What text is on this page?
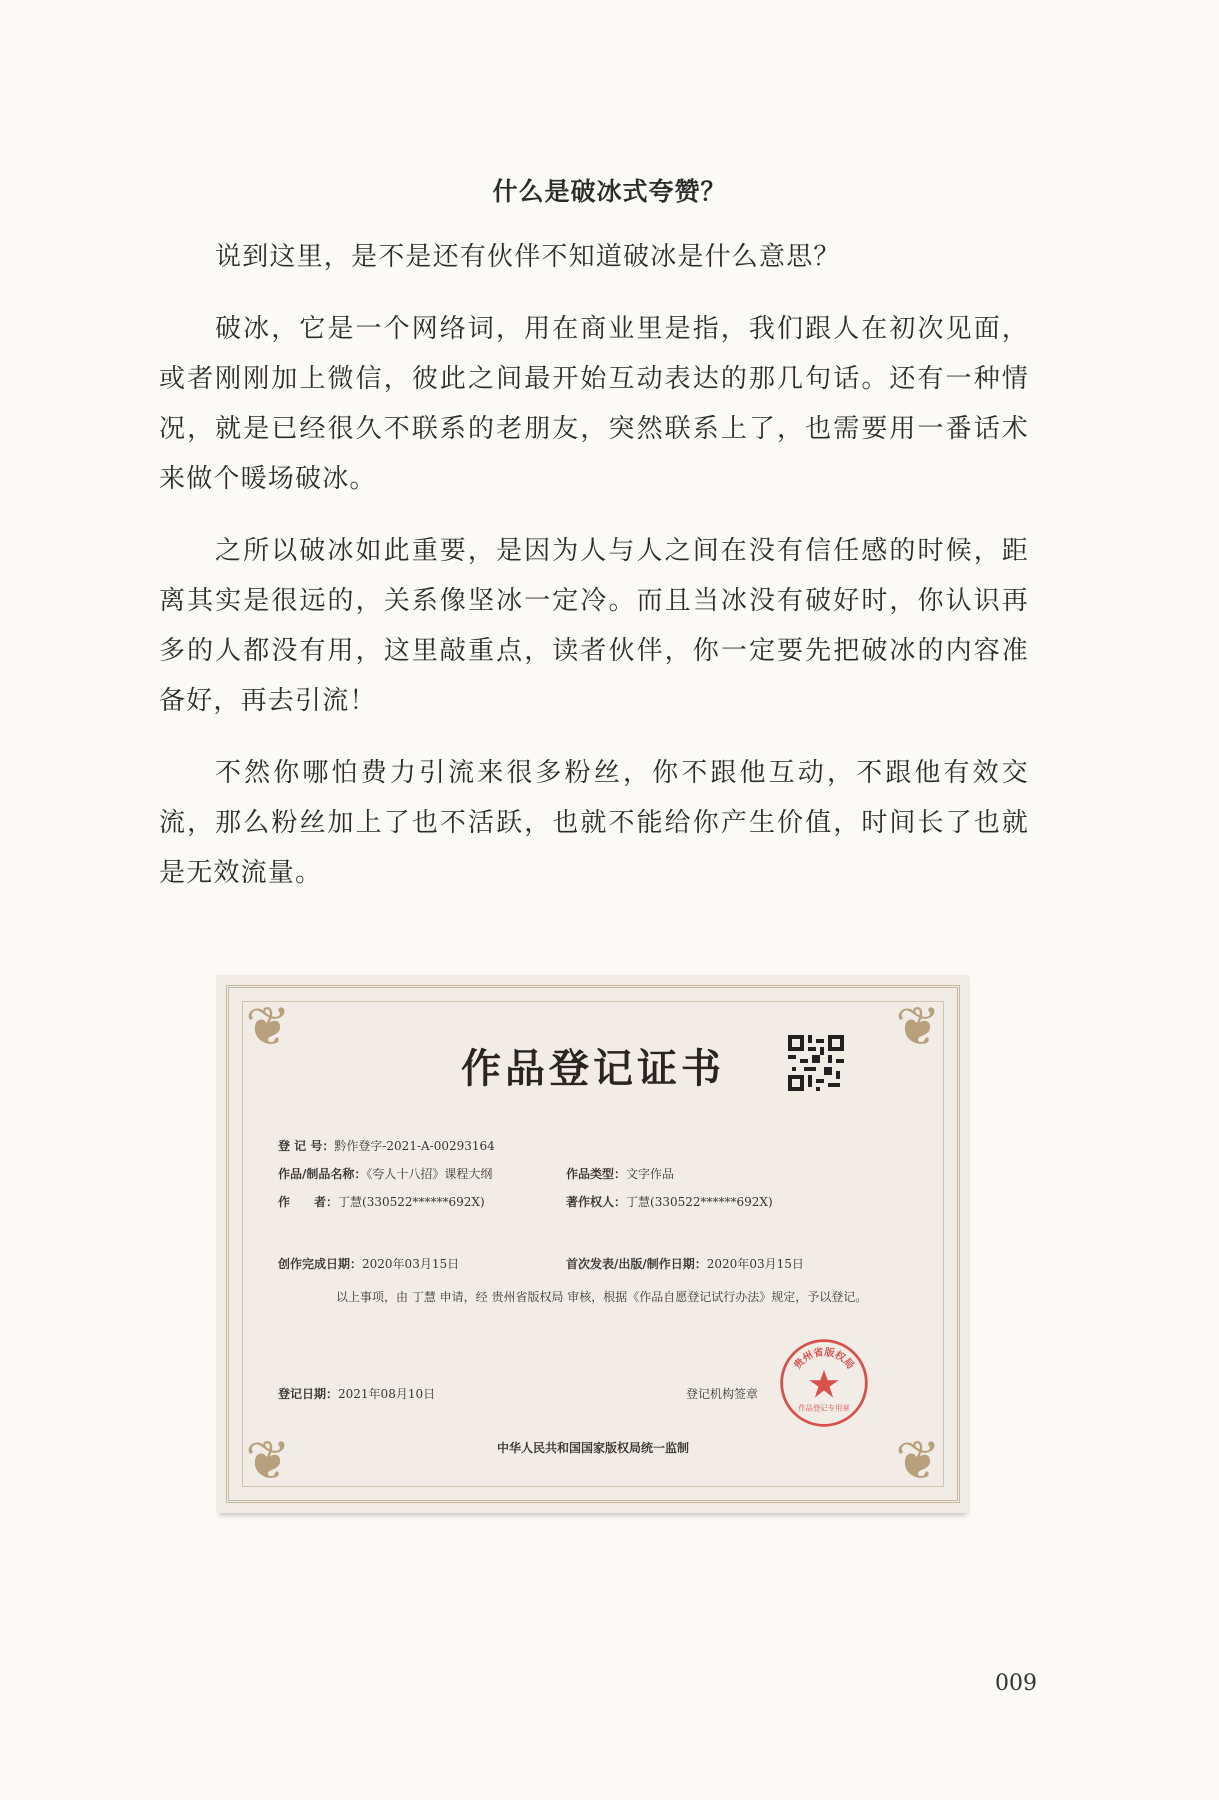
什么是破冰式夸赞？

说到这里，是不是还有伙伴不知道破冰是什么意思？

破冰，它是一个网络词，用在商业里是指，我们跟人在初次见面，或者刚刚加上微信，彼此之间最开始互动表达的那几句话。还有一种情况，就是已经很久不联系的老朋友，突然联系上了，也需要用一番话术来做个暖场破冰。

之所以破冰如此重要，是因为人与人之间在没有信任感的时候，距离其实是很远的，关系像坚冰一定冷。而且当冰没有破好时，你认识再多的人都没有用，这里敲重点，读者伙伴，你一定要先把破冰的内容准备好，再去引流！

不然你哪怕费力引流来很多粉丝，你不跟他互动，不跟他有效交流，那么粉丝加上了也不活跃，也就不能给你产生价值，时间长了也就是无效流量。

❦	❦
❦	❦
作品登记证书
登 记 号：黔作登字-2021-A-00293164
作品/制品名称：《夸人十八招》课程大纲	作品类型：文字作品
作　　者：丁慧(330522******692X)	著作权人：丁慧(330522******692X)
创作完成日期：2020年03月15日	首次发表/出版/制作日期：2020年03月15日
以上事项，由 丁慧 申请，经 贵州省版权局 审核，根据《作品自愿登记试行办法》规定，予以登记。
登记日期：2021年08月10日	登记机构签章
贵州省版权局
作品登记专用章
中华人民共和国国家版权局统一监制
009
